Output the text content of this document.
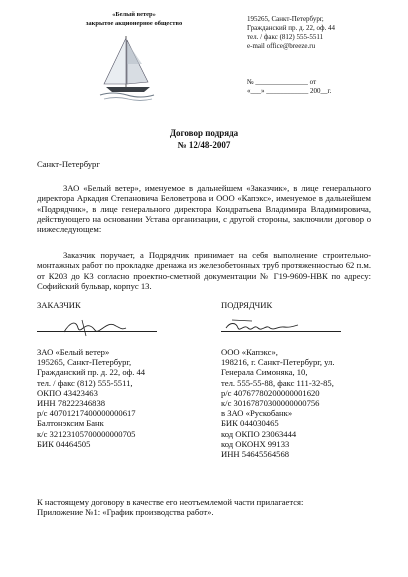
«Белый ветер»
закрытое акционерное общество
195265, Санкт-Петербург,
Гражданский пр. д. 22, оф. 44
тел. / факс (812) 555-5511
e-mail office@breeze.ru
№ _______________ от
«___» ____________ 200__г.
Договор подряда
№ 12/48-2007
Санкт-Петербург
ЗАО «Белый ветер», именуемое в дальнейшем «Заказчик», в лице генерального директора Аркадия Степановича Беловетрова и ООО «Капэкс», именуемое в дальнейшем «Подрядчик», в лице генерального директора Кондратьева Владимира Владимировича, действующего на основании Устава организации, с другой стороны, заключили договор о нижеследующем:
Заказчик поручает, а Подрядчик принимает на себя выполнение строительно-монтажных работ по прокладке дренажа из железобетонных труб протяженностью 62 п.м. от К203 до К3 согласно проектно-сметной документации № Г19-9609-НВК по адресу: Софийский бульвар, корпус 13.
ЗАКАЗЧИК	ПОДРЯДЧИК
ЗАО «Белый ветер»
195265, Санкт-Петербург,
Гражданский пр. д. 22, оф. 44
тел. / факс (812) 555-5511,
ОКПО 43423463
ИНН 78222346838
р/с 40701217400000000617
Балтонэксим Банк
к/с 32123105700000000705
БИК 04464505
ООО «Капэкс»,
198216, г. Санкт-Петербург, ул.
Генерала Симоняка, 10,
тел. 555-55-88, факс 111-32-85,
р/с 40767780200000001620
к/с 30167870300000000756
в ЗАО «Рускобанк»
БИК 044030465
код ОКПО 23063444
код ОКОНХ 99133
ИНН 54645564568
К настоящему договору в качестве его неотъемлемой части прилагается:
Приложение №1: «График производства работ».
